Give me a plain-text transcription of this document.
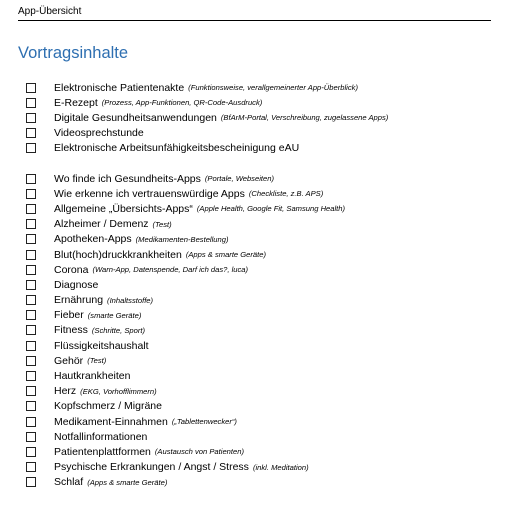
App-Übersicht
Vortragsinhalte
Elektronische Patientenakte (Funktionsweise, verallgemeinerter App-Überblick)
E-Rezept (Prozess, App-Funktionen, QR-Code-Ausdruck)
Digitale Gesundheitsanwendungen (BfArM-Portal, Verschreibung, zugelassene Apps)
Videosprechstunde
Elektronische Arbeitsunfähigkeitsbescheinigung eAU
Wo finde ich Gesundheits-Apps (Portale, Webseiten)
Wie erkenne ich vertrauenswürdige Apps (Checkliste, z.B. APS)
Allgemeine „Übersichts-Apps“ (Apple Health, Google Fit, Samsung Health)
Alzheimer / Demenz (Test)
Apotheken-Apps (Medikamenten-Bestellung)
Blut(hoch)druckkrankheiten (Apps & smarte Geräte)
Corona (Warn-App, Datenspende, Darf ich das?, luca)
Diagnose
Ernährung (Inhaltsstoffe)
Fieber (smarte Geräte)
Fitness (Schritte, Sport)
Flüssigkeitshaushalt
Gehör (Test)
Hautkrankheiten
Herz (EKG, Vorhofflimmern)
Kopfschmerz / Migräne
Medikament-Einnahmen („Tablettenwecker“)
Notfallinformationen
Patientenplattformen (Austausch von Patienten)
Psychische Erkrankungen / Angst / Stress (inkl. Meditation)
Schlaf (Apps & smarte Geräte)
